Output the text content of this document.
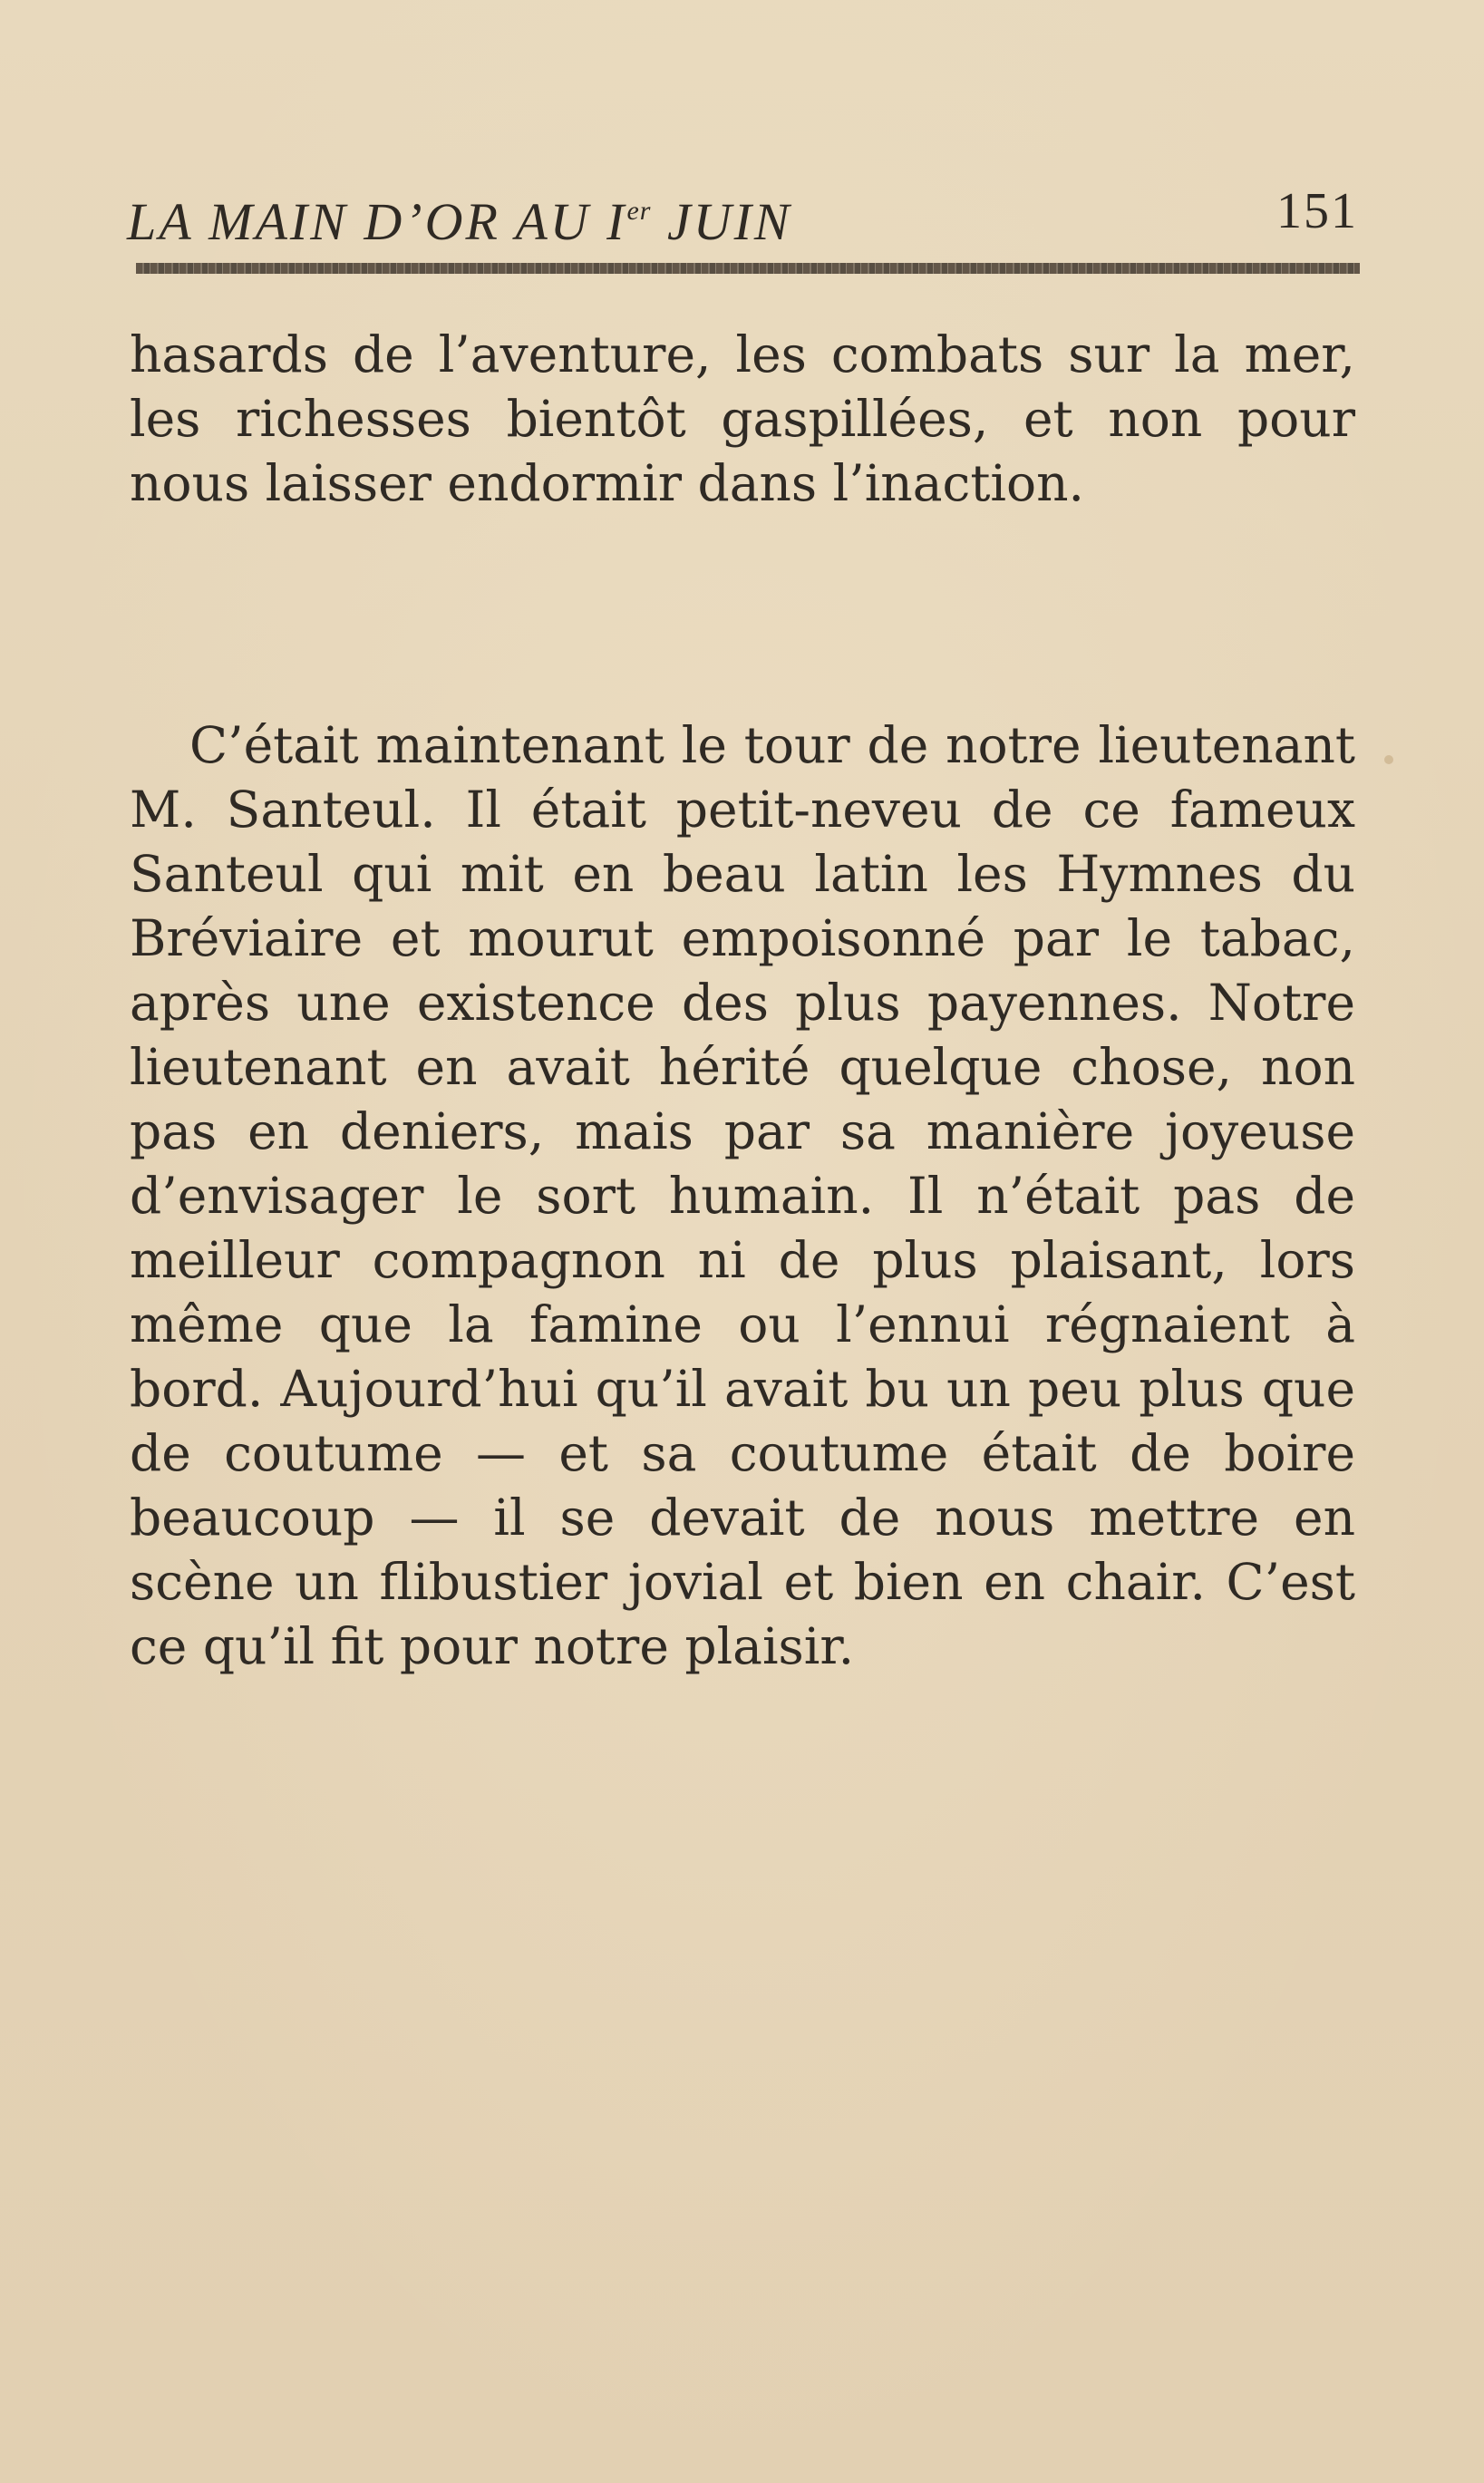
LA MAIN D’OR AU Ier JUIN	151

hasards de l’aventure, les combats sur la mer, les richesses bientôt gaspillées, et non pour nous laisser endormir dans l’inaction.

C’était maintenant le tour de notre lieutenant M. Santeul. Il était petit-neveu de ce fameux Santeul qui mit en beau latin les Hymnes du Bréviaire et mourut empoisonné par le tabac, après une existence des plus payennes. Notre lieutenant en avait hérité quelque chose, non pas en deniers, mais par sa manière joyeuse d’envisager le sort humain. Il n’était pas de meilleur compagnon ni de plus plaisant, lors même que la famine ou l’ennui régnaient à bord. Aujourd’hui qu’il avait bu un peu plus que de coutume — et sa coutume était de boire beaucoup — il se devait de nous mettre en scène un flibustier jovial et bien en chair. C’est ce qu’il fit pour notre plaisir.
